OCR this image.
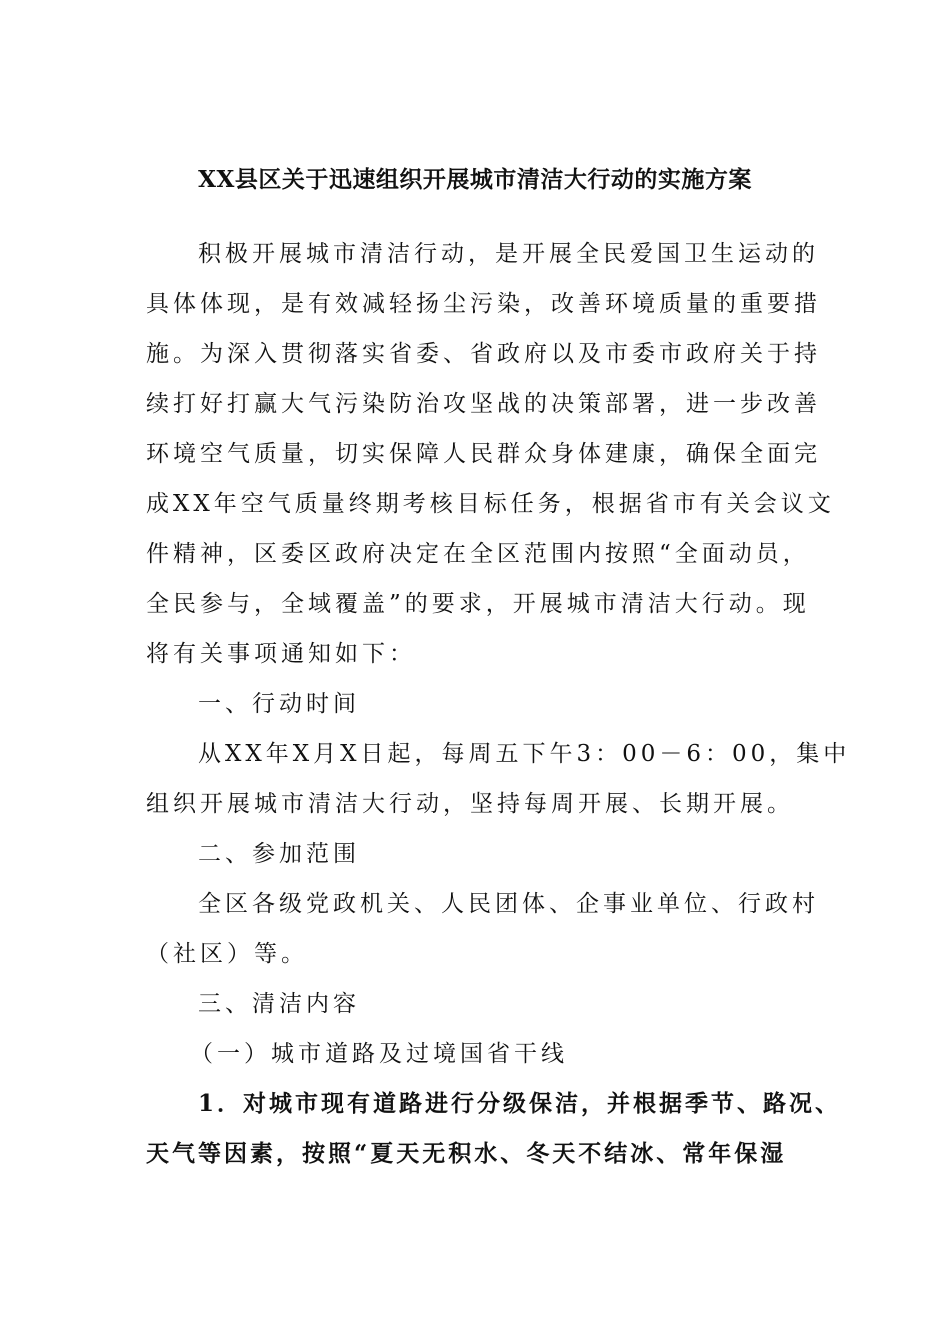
XX县区关于迅速组织开展城市清洁大行动的实施方案
积极开展城市清洁行动，是开展全民爱国卫生运动的
具体体现，是有效减轻扬尘污染，改善环境质量的重要措
施。为深入贯彻落实省委、省政府以及市委市政府关于持
续打好打赢大气污染防治攻坚战的决策部署，进一步改善
环境空气质量，切实保障人民群众身体建康，确保全面完
成XX年空气质量终期考核目标任务，根据省市有关会议文
件精神，区委区政府决定在全区范围内按照“全面动员，
全民参与，全域覆盖”的要求，开展城市清洁大行动。现
将有关事项通知如下：
一、行动时间
从XX年X月X日起，每周五下午3：00－6：00，集中
组织开展城市清洁大行动，坚持每周开展、长期开展。
二、参加范围
全区各级党政机关、人民团体、企事业单位、行政村
（社区）等。
三、清洁内容
（一）城市道路及过境国省干线
1．对城市现有道路进行分级保洁，并根据季节、路况、
天气等因素，按照“夏天无积水、冬天不结冰、常年保湿
